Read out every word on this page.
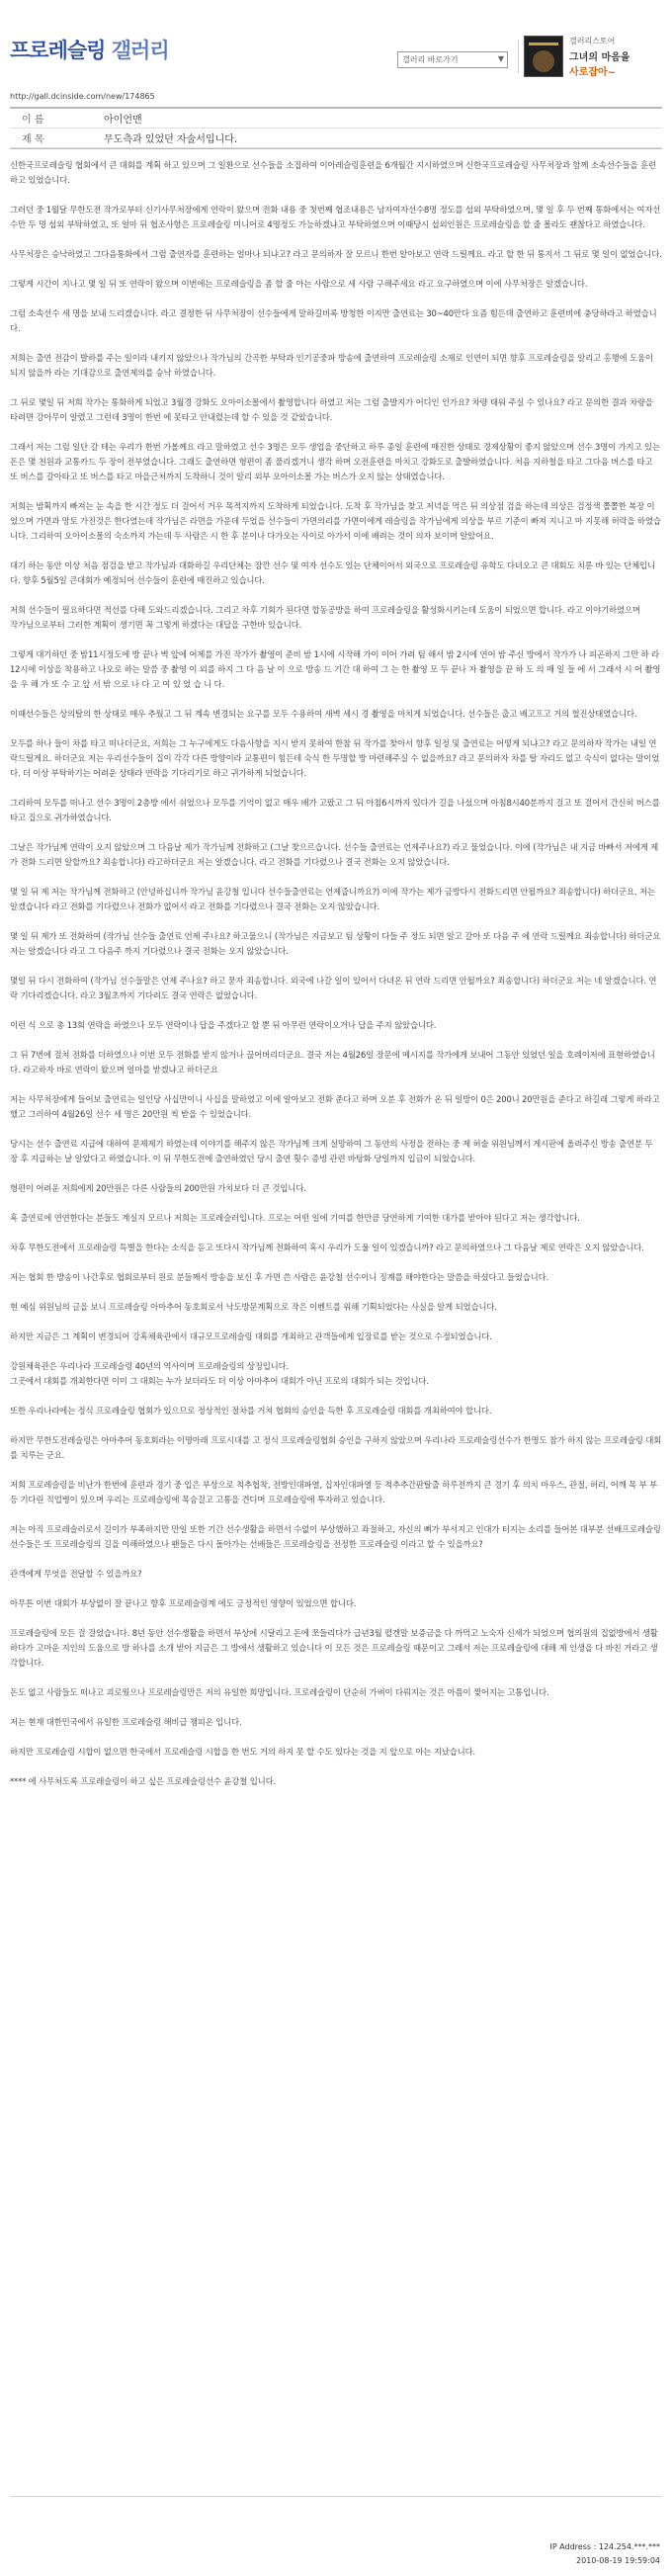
프로레슬링 갤러리	갤러리 바로가기	▼
갤러리스토어
그녀의 마음을
사로잡아~
http://gall.dcinside.com/new/174865
이 름	아이언맨
제 목	무도측과 있었던 자술서입니다.

신한국프로레슬링 협회에서 큰 대회를 계획 하고 있으며 그 일환으로 선수들을 소집하여 이아레슬링훈련을 6개월간 지시하였으며 신한국프로레슬링 사무처장과 함께 소속선수들을 훈련하고 있었습니다.

그러던 중 1월달 무한도전 작가로부터 신기사무처장에게 연락이 왔으며 전화 내용 중 첫번째 협조내용은 남자여자선수8명 정도를 섭외 부탁하였으며, 몇 일 후 두 번째 통화에서는 여자선수만 두 명 섭외 부탁하였고, 또 얼마 뒤 협조사항은 프로레슬링 미니어로 4명정도 가능하겠냐고 부탁하였으며 이때당시 섭외인원은 프로레슬링을 할 줄 몰라도 괜찮다고 하였습니다.

사무처장은 승낙하였고 그다음통화에서 그럼 출연자를 훈련하는 얼마나 되냐고? 라고 문의하자 잘 모르니 한번 알아보고 연락 드릴께요. 라고 할 한 뒤 통지서 그 뒤로 몇 일이 없었습니다.

그렇게 시간이 지나고 몇 일 뒤 또 연락이 왔으며 이번에는 프로레슬링을 좀 할 줄 아는 사람으로 세 사람 구해주세요 라고 요구하였으며 이에 사무처장은 알겠습니다.

그럼 소속선수 세 명을 보내 드리겠습니다. 라고 결정한 뒤 사무처장이 선수들에게 말하길비록 방청한 이지만 출연료는 30~40만다 요즘 힘든데 출연하고 훈련비에 충당하라고 하였습니다.

저희는 출연 전감이 발하를 주는 일이라 내키지 않았으나 작가님의 간곡한 부탁과 인기공중파 방송에 출연하여 프로레슬링 소재로 인연이 되면 향후 프로레슬링을 알리고 홍행에 도움이 되지 않을까 라는 기대감으로 출연제의를 승낙 하였습니다.

그 뒤로 몇일 뒤 저희 작가는 통화하게 되었고 3월경 강화도 오아이소몰에서 촬영합니다 하였고 저는 그럼 출발지가 어디인 인가요? 차량 태워 주실 수 있나요? 라고 문의한 결과 차량을 타려면 강아무이 알렸고 그런데 3명이 한번 에 못타고 안내렸는데 할 수 있을 것 같았습니다.

그래서 저는 그럼 일단 갈 테는 우리가 한번 가볼께요 라고 말하였고 선수 3명은 모두 생업을 중단하고 하루 종일 훈련에 매진한 상태로 경제상황이 좋지 않았으며 선수 3명이 가지고 있는 돈은 몇 천원과 교통카드 두 장이 전부였습니다. 그래도 출연하면 형편이 좀 풀리겠거니 생각 하며 오전훈련을 마치고 강화도로 출발하였습니다. 처음 지하철을 타고 그다음 버스를 타고 또 버스를 갈아타고 또 버스를 타고 마을근처까지 도착하니 것이 알리 외부 오아이소몰 가는 버스가 오지 않는 상태였습니다.

저희는 밤획까지 빠져는 눈 속을 한 시간 정도 더 걸어서 거우 목적지까지 도착하게 되었습니다. 도착 후 작가님을 찾고 저녁을 먹은 뒤 의상점 검을 하는데 의상은 검정색 쫄쫄한 복장 이었으며 가면과 망토 가진것은 한다였는데 작가님은 라면을 가운데 두었을 선수들이 가면의리를 가면이에게 레슬링을 작가님에게 의상을 부르 기준이 빠져 지니고 마 지못해 허락을 하였습니다. 그리하여 오아이소몰의 숙소까지 가는데 두 사람은 시 한 후 분이나 다가오는 사이로 아가서 이에 배려는 것이 의자 보이며 알았어요.

대기 하는 동안 이상 처음 점검을 받고 작가님과 대화하길 우리단체는 잠깐 선수 및 여자 선수도 있는 단체이어서 외국으로 프로레슬링 유학도 다녀오고 큰 대회도 치룬 바 있는 단체입니다. 향후 5월5일 큰대회가 예정되어 선수들이 훈련에 매진하고 있습니다.

저희 선수들이 필요하다면 적선를 다해 도와드리겠습니다. 그리고 차후 기회가 된다면 합동공방을 하여 프로레슬링을 활성화시키는데 도움이 되었으면 합니다. 라고 이야기하였으며
작가님으로부터 그러한 계획이 생기면 꼭 그렇게 하겠다는 대답을 구한바 있습니다.

그렇게 대기하던 중 밤11시정도에 방 끝나 벽 앞에 어제를 가진 작가가 촬영이 준비 밤 1시에 시작해 가이 이어 가려 팀 해서 밤 2시에 연어 밤 주신 방에서 작가가 나 피곤하지 그만 하 라 12시에 이상을 착용하고 나오로 하는 말씀 중 촬영 이 외를 하지 그 다 음 날 이 으로 방송 드 기간 대 하여 그 는 한 촬영 모 두 끝나 자 촬영을 끝 하 도 의 매 일 들 에 서 그래서 시 어 촬영 을 우 해 가 또 수 고 앞 서 밖 으로 나 다 고 여 있 었 습 니 다.

이때선수들은 상의탈의 한 상태로 매우 추웠고 그 뒤 계속 변경되는 요구를 모두 수용하여 새벽 세시 경 촬영을 마치게 되었습니다. 선수들은 춥고 배고프고 거의 혈진상태였습니다.

모두를 하나 들이 차를 타고 떠나더군요, 저희는 그 누구에게도 다음사항을 지시 받지 못하여 한참 뒤 작가를 찾아서 향후 일정 및 출연료는 어떻게 되냐고? 라고 문의하자 작가는 내일 연락드릴게요. 하더군요 저는 우리선수들이 집이 각각 다른 방향이라 교통편이 힘든데 숙식 한 두명할 방 마련해주실 수 없을까요? 라고 문의하자 차를 탈 자리도 없고 숙식이 없다는 말이었다. 더 이상 부탁하기는 어려운 상태라 연락을 기다리기로 하고 귀가하게 되었습니다.

그리하여 모두를 떠나고 선수 3명이 2층방 에서 쉬었으나 모두를 기억이 없고 매우 배가 고팠고 그 뒤 아침6시까지 있다가 길을 나섰으며 아침8시40분까지 걸고 또 걸어서 간신히 버스를 타고 집으로 귀가하였습니다.

그날은 작가님께 연락이 오지 않았으며 그 다음날 제가 작가님께 전화하고 (그날 찾으르습니다. 선수들 출연료는 언제주나요?) 라고 물었습니다. 이에 (작가님은 내 지금 바빠서 저에게 제가 전화 드리면 알할까요? 죄송합니다) 라고하더군요 저는 알겠습니다. 라고 전화를 기다렸으나 결국 전화는 오지 않았습니다.

몇 일 뒤 제 저는 작가님께 전화하고 (안녕하십니까 작가님 윤강철 입니다 선수들출연료는 언제줍니까요?) 이에 작가는 제가 금방다시 전화드리면 안될까요? 죄송합니다) 하더군요. 저는 알겠습니다 라고 전화를 기다렸으나 전화가 없어서 라고 전화를 기다렸으나 결국 전화는 오지 않았습니다.

몇 일 뒤 제가 또 전화하여 (작가님 선수들 출연료 언제 주나요? 하고물으니 (작가님은 지금보고 팀 상황이 다들 주 정도 되면 알고 갈아 또 다음 주 에 연락 드릴께요 죄송합니다) 하더군요 저는 알겠습니다 라고 그 다음주 까지 기다렸으나 결국 전화는 오지 않았습니다.

몇일 뒤 다시 전화하여 (작가님 선수들말은 언제 주나요? 하고 묻자 죄송합니다. 외국에 나갈 일이 있어서 다녀온 뒤 연락 드리면 안될까요? 죄송합니다) 하더군요 저는 네 알겠습니다. 연락 기다리겠습니다. 라고 3월초까지 기다려도 결국 연락은 없었습니다.

이런 식 으로 총 13회 연락을 하였으나 모두 연락이나 답을 주겠다고 할 뿐 뒤 아무런 연락이오거나 답을 주지 않았습니다.

그 뒤 7번에 걸쳐 전화를 더하였으나 이번 모두 전화를 받지 않거나 끊어버리더군요. 결국 저는 4월26일 장문에 메시지를 작가에게 보내어 그동안 있었던 일을 호례이저에 표현하였습니다. 라고하자 바로 연락이 왔으며 얼마를 받겠냐고 하더군요

저는 사무처장에게 들어보 출연료는 일인당 사십만이니 사십을 말하였고 이에 알아보고 전화 준다고 하며 오분 후 전화가 온 뒤 일방이 0은 200니 20만원을 준다고 하길래 그렇게 하라고 했고 그러하여 4월26일 선수 세 명은 20만원 씩 받을 수 있었습니다.

당시는 선수 출연료 지급에 대하여 문제제기 하였는데 이야기를 해주지 않은 작가님께 크게 실망하여 그 동안의 사정을 전하는 중 제 허술 위원님께서 게시판에 올려주신 방송 출연분 두 장 후 지급하는 날 알았다고 하였습니다. 이 뒤 무한도전에 출연하였던 당시 출연 횟수 증빙 관련 바탕화 당일까지 입금이 되었습니다.

형편이 어려운 저희에게 20만원은 다른 사람들의 200만원 가치보다 더 큰 것입니다.

혹 출연료에 연연한다는 분들도 계실지 모르나 저희는 프로레슬러입니다. 프로는 어떤 일에 기여를 한만큼 당연하게 기여한 대가를 받아야 된다고 저는 생각합니다.

차후 무한도전에서 프로레슬링 특별을 한다는 소식을 듣고 또다시 작가님께 전화하여 혹시 우리가 도울 일이 있겠습니까? 라고 문의하였으나 그 다음날 제로 연락은 오지 않았습니다.

저는 협회 한 방송이 나간후로 협회로부터 원로 분들께서 방송을 보신 후 가면 쓴 사람은 윤강철 선수이니 징계를 해야한다는 말씀을 하셨다고 들었습니다.

현 예심 위원님의 글을 보니 프로레슬링 아마추어 동호회로서 낙도방문계획으로 작은 이벤트를 위해 기획되었다는 사실을 알게 되었습니다.

하지만 지금은 그 계획이 변경되어 강혹체육관에서 대규모프로레슬링 대회를 개최하고 관객들에게 입장료를 받는 것으로 수정되었습니다.

강원체육관은 우리나라 프로레슬링 40년의 역사이며 프로레슬링의 상징입니다.
그곳에서 대회를 개최한다면 이미 그 대회는 누가 보더라도 더 이상 아마추어 대회가 아닌 프로의 대회가 되는 것입니다.

또한 우리나라에는 정식 프로레슬링 협회가 있으므로 정상적인 절차를 거쳐 협회의 승인을 득한 후 프로레슬링 대회를 개최하여야 합니다.

하지만 무한도전레슬링은 아마추어 동호회라는 이명아래 프로시대를 고 정식 프로레슬링협회 승인을 구하지 않았으며 우리나라 프로레슬링선수가 한명도 참가 하지 않는 프로레슬링 대회를 치루는 군요.

저희 프로레슬링을 비난가 한번에 훈련과 경기 중 입은 부상으로 척추협착, 전방인대파열, 십자인대파열 등 척추추간판탈출 하루전까지 큰 경기 후 의치 마우스, 관절, 허리, 어깨 목 부 부 등 기다린 직업병이 있으며 우리는 프로레슬링에 목숨걸고 고통을 견디며 프로레슬링에 투자하고 있습니다.

저는 아직 프로레슬러로서 길이가 부족하지만 만일 또한 기간 선수생활을 하면서 수없이 부상했하고 좌절하고, 자신의 뼈가 부서지고 인대가 터지는 소리를 들어본 대부분 선배프로레슬링 선수들은 또 프로레슬링의 길을 이해하였으나 팬들은 다시 돌아가는 선배들은 프로레슬링을 전정한 프로레슬링 이라고 할 수 있을까요?

관객에게 무엇을 전달할 수 있을까요?

아무튼 이번 대회가 부상없이 잘 끝나고 향후 프로레슬링계 에도 긍정적인 영향이 있었으면 합니다.

프로레슬링에 모든 걸 걸었습니다. 8년 동안 선수생활을 하면서 부상에 시달리고 돈에 쪼들리다가 급년3월 펼겐말 보증금을 다 까먹고 노숙자 신세가 되었으며 협의원의 집없방에서 생활하다가 고마운 지인의 도움으로 방 하나를 소개 받아 지금은 그 방에서 생활하고 있습니다 이 모든 것은 프로레슬링 때문이고 그래서 저는 프로레슬링에 대해 제 인생을 다 바친 거라고 생각합니다.

돈도 없고 사람들도 떠나고 괴로웠으나 프로레슬링만은 저의 유일한 희망입니다. 프로레슬링이 단순히 가벼이 다뤄지는 것은 아픔이 찢어지는 고통입니다.

저는 현재 대한민국에서 유일한 프로레슬링 해비급 챔피온 입니다.

하지만 프로레슬링 시합이 없으면 한국에서 프로레슬링 시합을 한 번도 거의 하지 못 할 수도 있다는 것을 지 앞으로 아는 지났습니다.

**** 에 사무처도록 프로레슬링이 하고 싶은 프로레슬링선수 윤강철 입니다.

IP Address : 124.254.***.***
2010-08-19 19:59:04
